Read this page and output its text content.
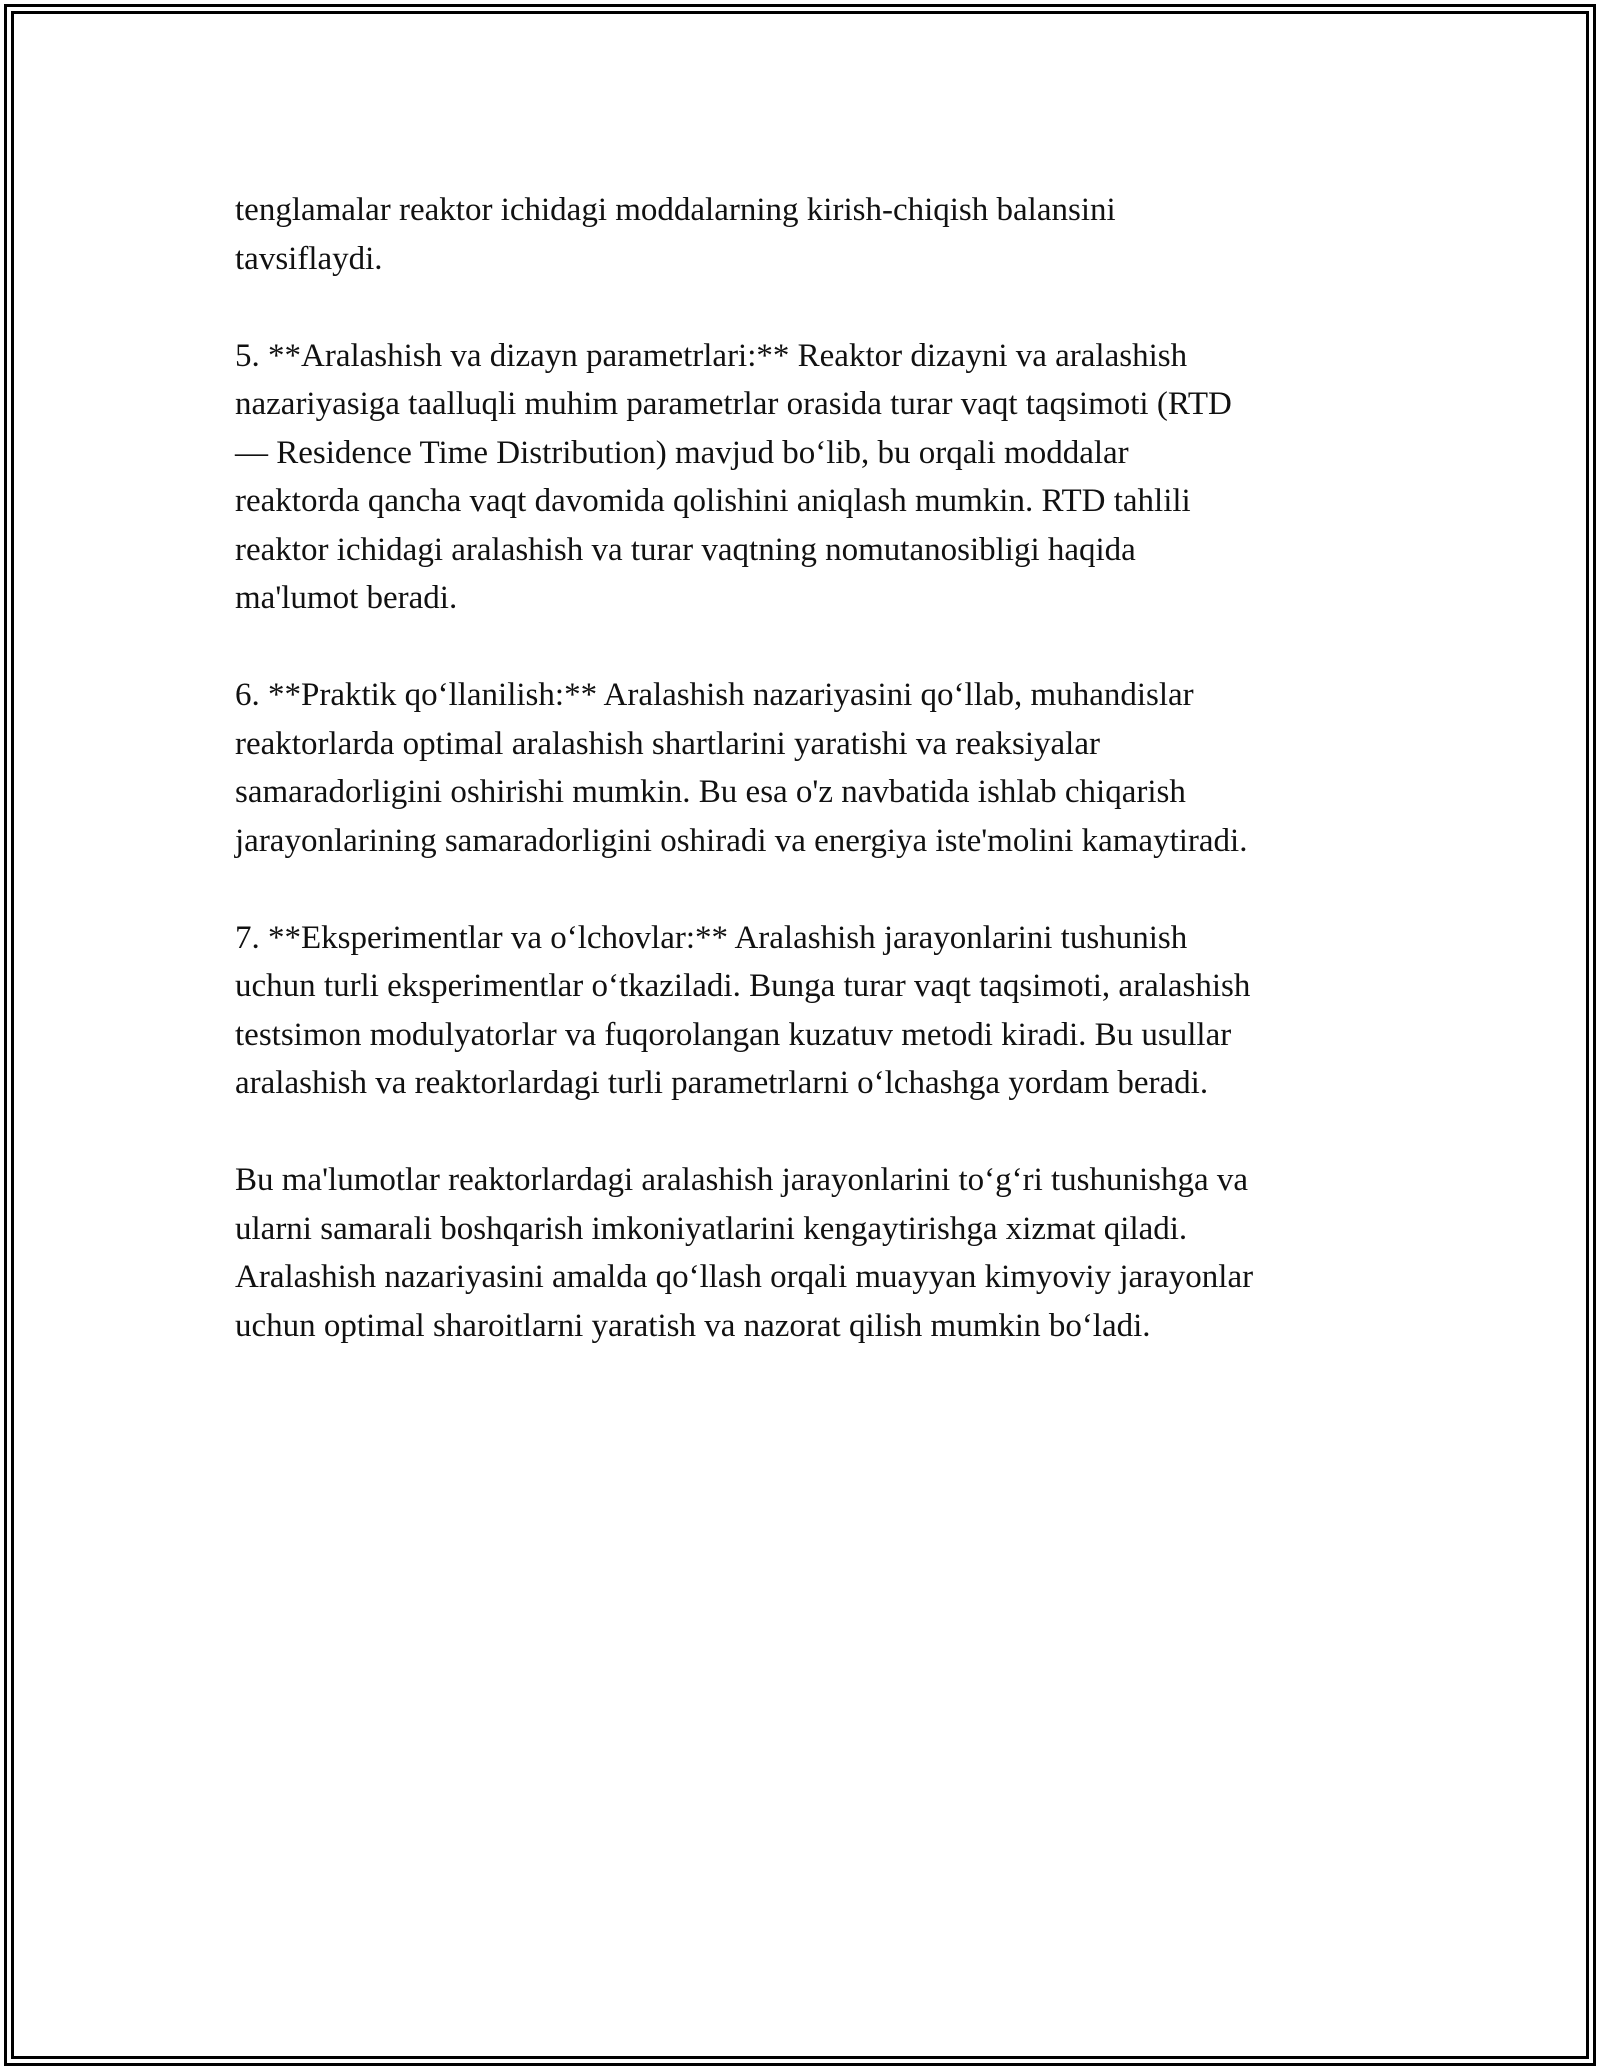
tenglamalar reaktor ichidagi moddalarning kirish-chiqish balansini
tavsiflaydi.

5. **Aralashish va dizayn parametrlari:** Reaktor dizayni va aralashish
nazariyasiga taalluqli muhim parametrlar orasida turar vaqt taqsimoti (RTD
— Residence Time Distribution) mavjud bo‘lib, bu orqali moddalar
reaktorda qancha vaqt davomida qolishini aniqlash mumkin. RTD tahlili
reaktor ichidagi aralashish va turar vaqtning nomutanosibligi haqida
ma'lumot beradi.

6. **Praktik qo‘llanilish:** Aralashish nazariyasini qo‘llab, muhandislar
reaktorlarda optimal aralashish shartlarini yaratishi va reaksiyalar
samaradorligini oshirishi mumkin. Bu esa o'z navbatida ishlab chiqarish
jarayonlarining samaradorligini oshiradi va energiya iste'molini kamaytiradi.

7. **Eksperimentlar va o‘lchovlar:** Aralashish jarayonlarini tushunish
uchun turli eksperimentlar o‘tkaziladi. Bunga turar vaqt taqsimoti, aralashish
testsimon modulyatorlar va fuqorolangan kuzatuv metodi kiradi. Bu usullar
aralashish va reaktorlardagi turli parametrlarni o‘lchashga yordam beradi.

Bu ma'lumotlar reaktorlardagi aralashish jarayonlarini to‘g‘ri tushunishga va
ularni samarali boshqarish imkoniyatlarini kengaytirishga xizmat qiladi.
Aralashish nazariyasini amalda qo‘llash orqali muayyan kimyoviy jarayonlar
uchun optimal sharoitlarni yaratish va nazorat qilish mumkin bo‘ladi.
